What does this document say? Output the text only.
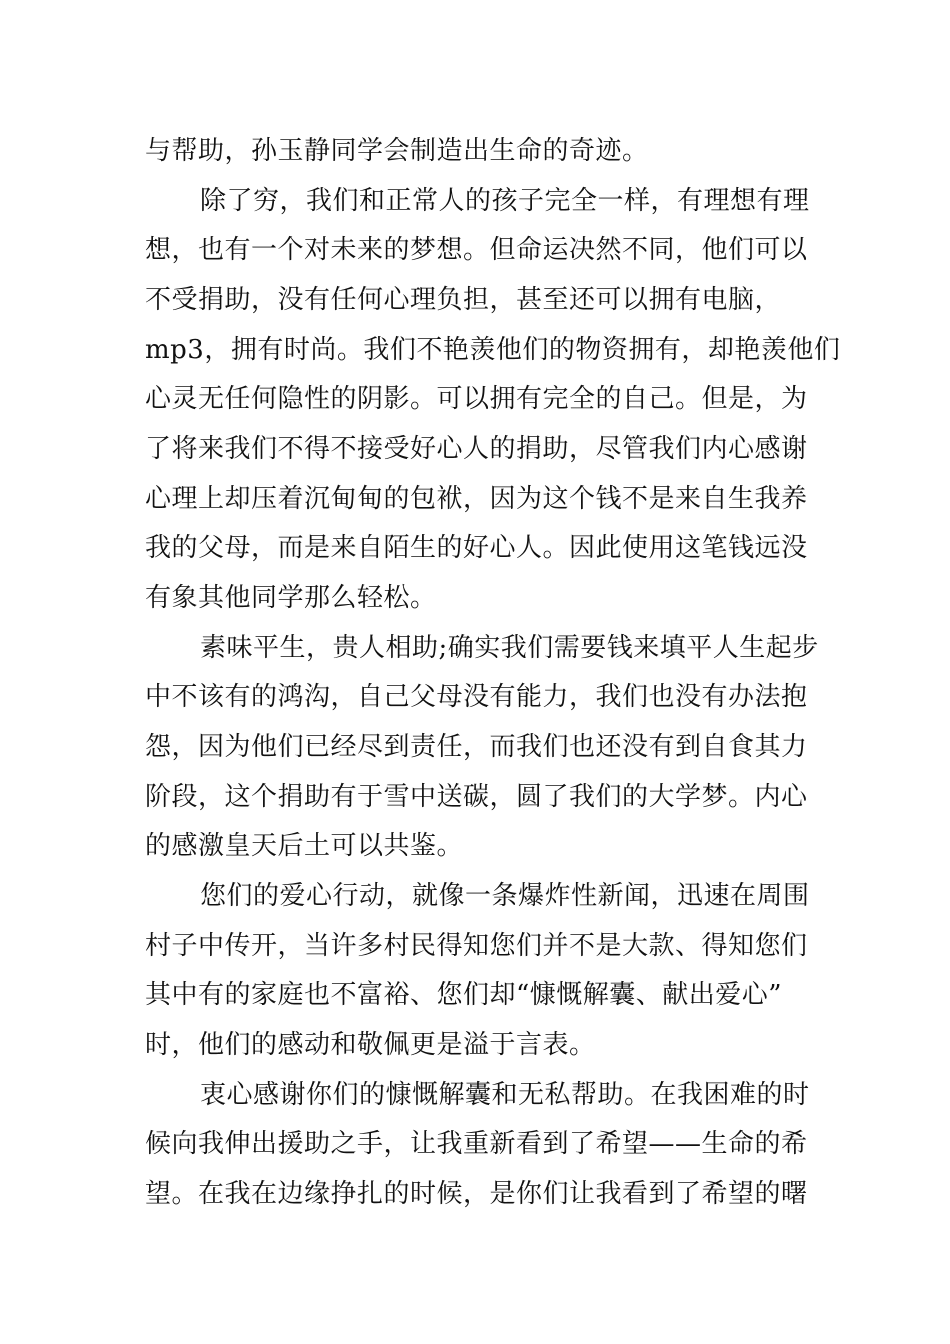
与帮助，孙玉静同学会制造出生命的奇迹。
除了穷，我们和正常人的孩子完全一样，有理想有理
想，也有一个对未来的梦想。但命运决然不同，他们可以
不受捐助，没有任何心理负担，甚至还可以拥有电脑，
mp3，拥有时尚。我们不艳羡他们的物资拥有，却艳羡他们
心灵无任何隐性的阴影。可以拥有完全的自己。但是，为
了将来我们不得不接受好心人的捐助，尽管我们内心感谢
心理上却压着沉甸甸的包袱，因为这个钱不是来自生我养
我的父母，而是来自陌生的好心人。因此使用这笔钱远没
有象其他同学那么轻松。
素味平生，贵人相助;确实我们需要钱来填平人生起步
中不该有的鸿沟，自己父母没有能力，我们也没有办法抱
怨，因为他们已经尽到责任，而我们也还没有到自食其力
阶段，这个捐助有于雪中送碳，圆了我们的大学梦。内心
的感激皇天后土可以共鉴。
您们的爱心行动，就像一条爆炸性新闻，迅速在周围
村子中传开，当许多村民得知您们并不是大款、得知您们
其中有的家庭也不富裕、您们却“慷慨解囊、献出爱心”
时，他们的感动和敬佩更是溢于言表。
衷心感谢你们的慷慨解囊和无私帮助。在我困难的时
候向我伸出援助之手，让我重新看到了希望——生命的希
望。在我在边缘挣扎的时候，是你们让我看到了希望的曙
